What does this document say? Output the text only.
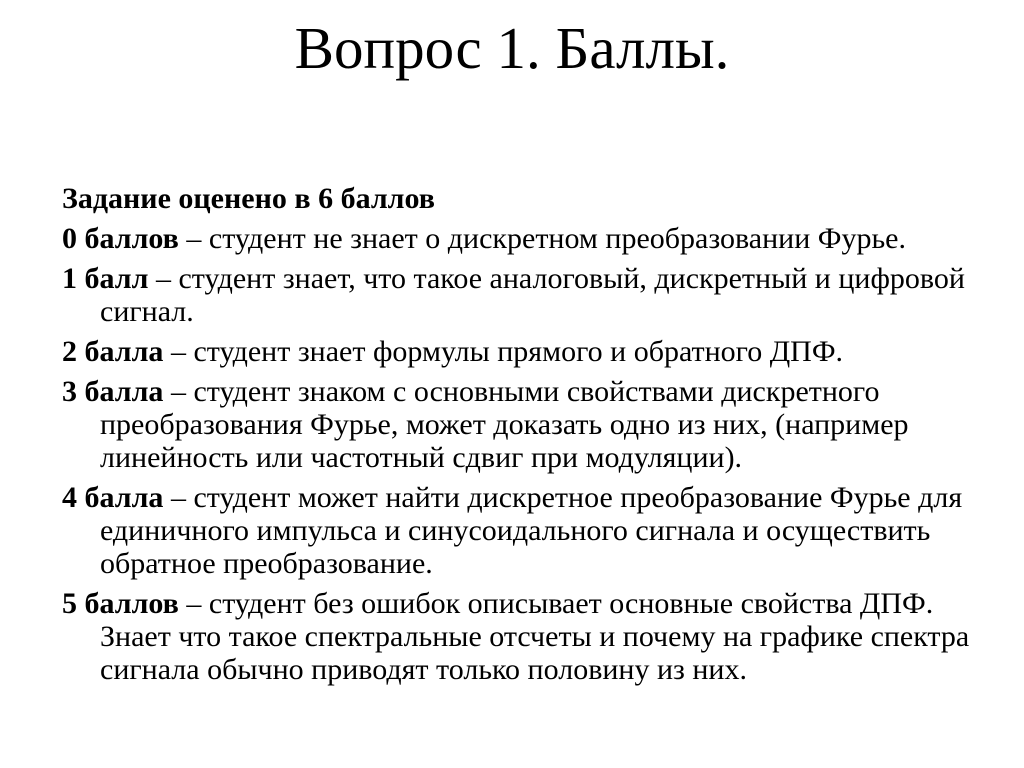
Вопрос 1. Баллы.
Задание оценено в 6 баллов
0 баллов – студент не знает о дискретном преобразовании Фурье.
1 балл – студент знает, что такое аналоговый, дискретный и цифровой сигнал.
2 балла – студент знает формулы прямого и обратного ДПФ.
3 балла – студент знаком с основными свойствами дискретного преобразования Фурье, может доказать одно из них, (например линейность или частотный сдвиг при модуляции).
4 балла – студент может найти дискретное преобразование Фурье для единичного импульса и синусоидального сигнала и осуществить обратное преобразование.
5 баллов – студент без ошибок описывает основные свойства ДПФ. Знает что такое спектральные отсчеты и почему на графике спектра сигнала обычно приводят только половину из них.
